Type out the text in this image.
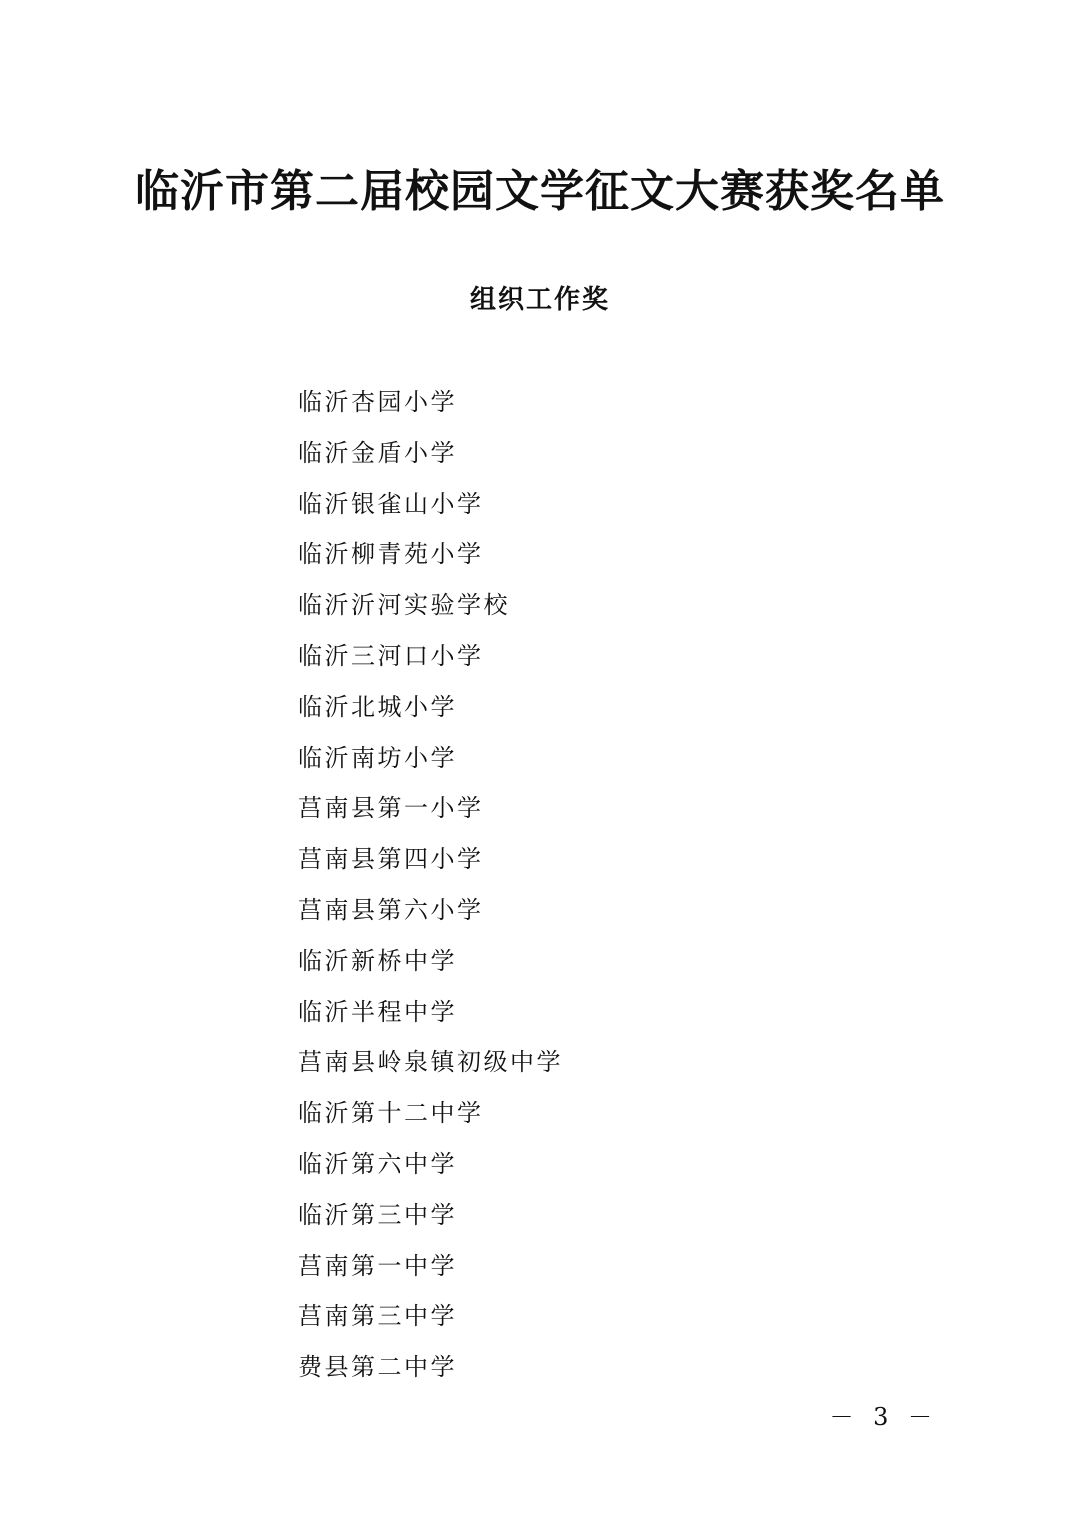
临沂市第二届校园文学征文大赛获奖名单
组织工作奖
临沂杏园小学
临沂金盾小学
临沂银雀山小学
临沂柳青苑小学
临沂沂河实验学校
临沂三河口小学
临沂北城小学
临沂南坊小学
莒南县第一小学
莒南县第四小学
莒南县第六小学
临沂新桥中学
临沂半程中学
莒南县岭泉镇初级中学
临沂第十二中学
临沂第六中学
临沂第三中学
莒南第一中学
莒南第三中学
费县第二中学
－ 3 －
